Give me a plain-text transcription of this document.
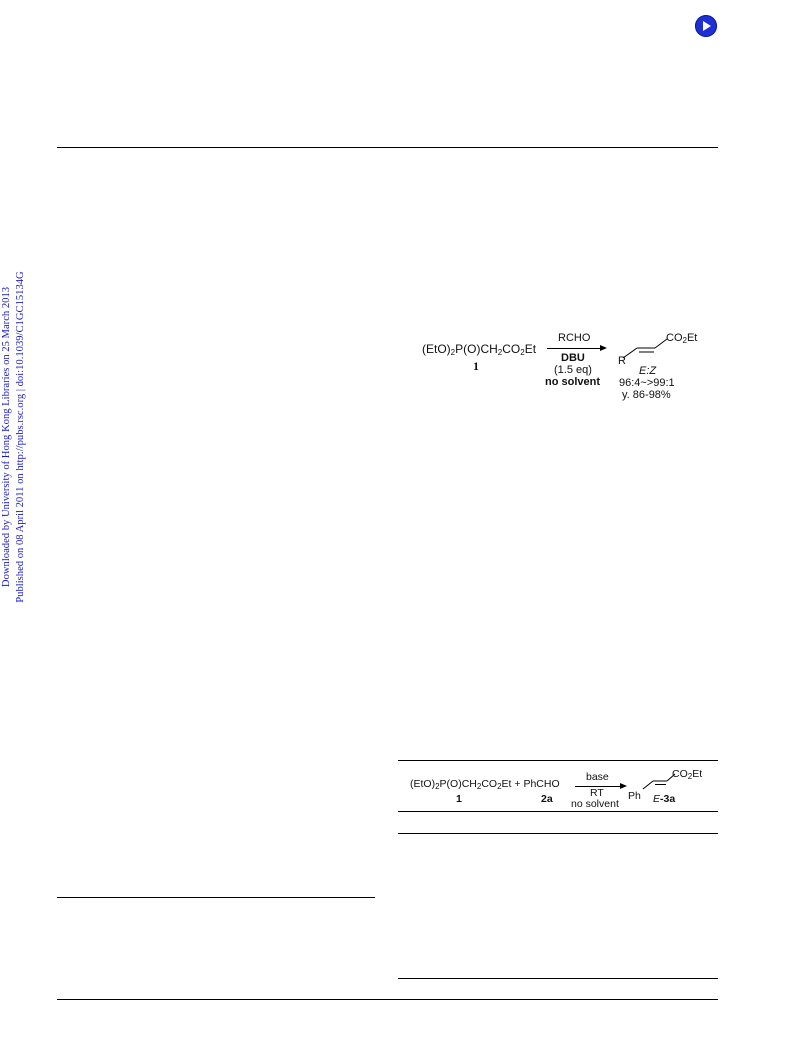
Downloaded by University of Hong Kong Libraries on 25 March 2013 Published on 08 April 2011 on http://pubs.rsc.org | doi:10.1039/C1GC15134G	$(EtO)_2P(O)CH_2CO_2Et$
1
RCHO
DBU
(1.5 eq)
no solvent
$CO_2Et$
R
E:Z
96:4~>99:1
y. 86-98%
$(EtO)_2P(O)CH_2CO_2Et$ + PhCHO
1	2a
base
RT
no solvent
$CO_2Et$
Ph E-3a
